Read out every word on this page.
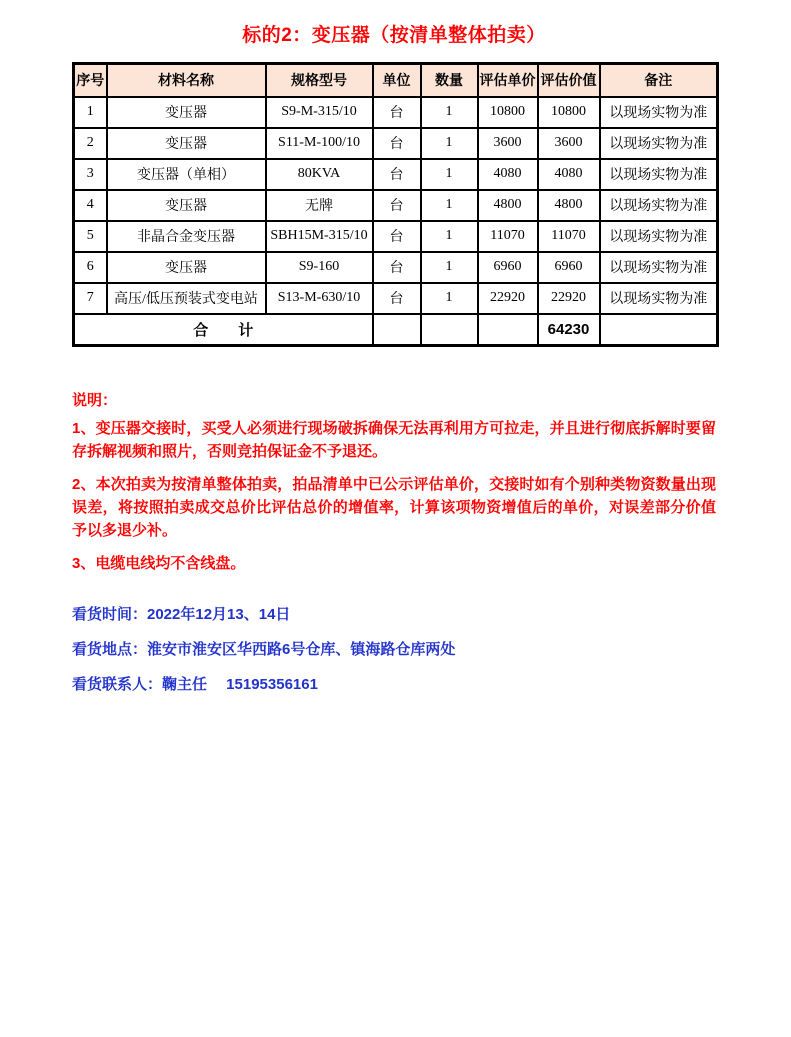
标的2：变压器（按清单整体拍卖）
序号	材料名称	规格型号	单位	数量	评估单价	评估价值	备注
1	变压器	S9-M-315/10	台	1	10800	10800	以现场实物为准
2	变压器	S11-M-100/10	台	1	3600	3600	以现场实物为准
3	变压器（单相）	80KVA	台	1	4080	4080	以现场实物为准
4	变压器	无牌	台	1	4800	4800	以现场实物为准
5	非晶合金变压器	SBH15M-315/10	台	1	11070	11070	以现场实物为准
6	变压器	S9-160	台	1	6960	6960	以现场实物为准
7	高压/低压预装式变电站	S13-M-630/10	台	1	22920	22920	以现场实物为准
合　　计						64230	

说明：

1、变压器交接时，买受人必须进行现场破拆确保无法再利用方可拉走，并且进行彻底拆解时要留存拆解视频和照片，否则竞拍保证金不予退还。

2、本次拍卖为按清单整体拍卖，拍品清单中已公示评估单价，交接时如有个别种类物资数量出现误差，将按照拍卖成交总价比评估总价的增值率，计算该项物资增值后的单价，对误差部分价值予以多退少补。

3、电缆电线均不含线盘。

看货时间：2022年12月13、14日

看货地点：淮安市淮安区华西路6号仓库、镇海路仓库两处

看货联系人：鞠主任　 15195356161
